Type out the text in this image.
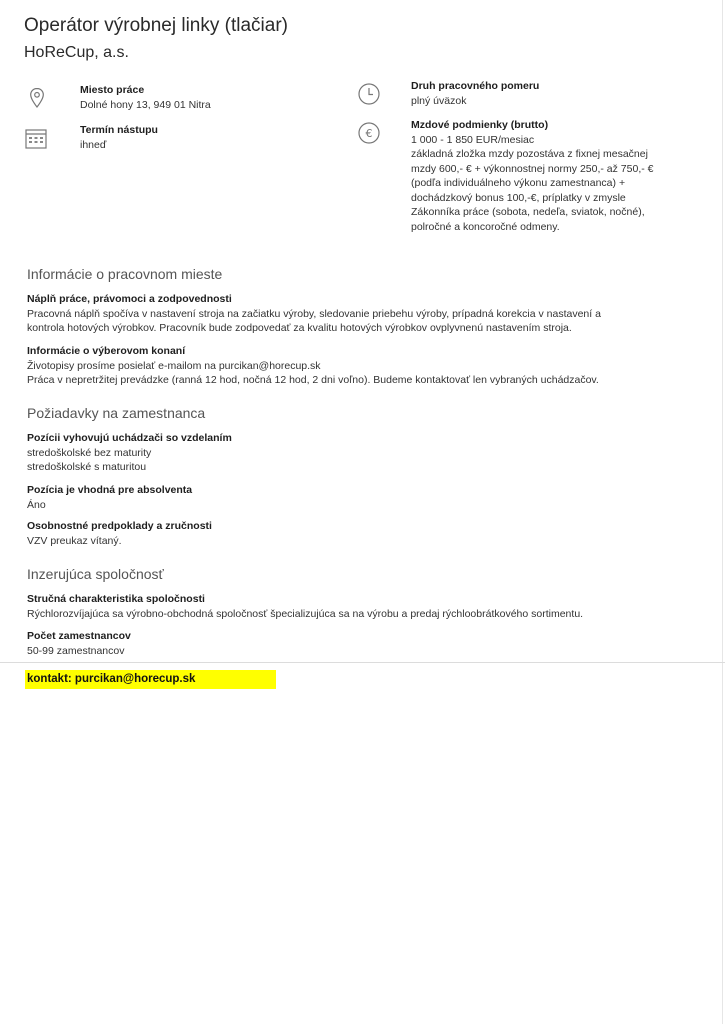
Operátor výrobnej linky (tlačiar)
HoReCup, a.s.
Miesto práce
Dolné hony 13, 949 01 Nitra
Termín nástupu
ihneď
Druh pracovného pomeru
plný úväzok
€
Mzdové podmienky (brutto)
1 000 - 1 850 EUR/mesiac
základná zložka mzdy pozostáva z fixnej mesačnej
mzdy 600,- € + výkonnostnej normy 250,- až 750,- €
(podľa individuálneho výkonu zamestnanca) +
dochádzkový bonus 100,-€, príplatky v zmysle
Zákonníka práce (sobota, nedeľa, sviatok, nočné),
polročné a koncoročné odmeny.
Informácie o pracovnom mieste
Náplň práce, právomoci a zodpovednosti
Pracovná náplň spočíva v nastavení stroja na začiatku výroby, sledovanie priebehu výroby, prípadná korekcia v nastavení a
kontrola hotových výrobkov. Pracovník bude zodpovedať za kvalitu hotových výrobkov ovplyvnenú nastavením stroja.
Informácie o výberovom konaní
Životopisy prosíme posielať e-mailom na purcikan@horecup.sk
Práca v nepretržitej prevádzke (ranná 12 hod, nočná 12 hod, 2 dni voľno). Budeme kontaktovať len vybraných uchádzačov.
Požiadavky na zamestnanca
Pozícii vyhovujú uchádzači so vzdelaním
stredoškolské bez maturity
stredoškolské s maturitou
Pozícia je vhodná pre absolventa
Áno
Osobnostné predpoklady a zručnosti
VZV preukaz vítaný.
Inzerujúca spoločnosť
Stručná charakteristika spoločnosti
Rýchlorozvíjajúca sa výrobno-obchodná spoločnosť špecializujúca sa na výrobu a predaj rýchloobrátkového sortimentu.
Počet zamestnancov
50-99 zamestnancov
kontakt: purcikan@horecup.sk
